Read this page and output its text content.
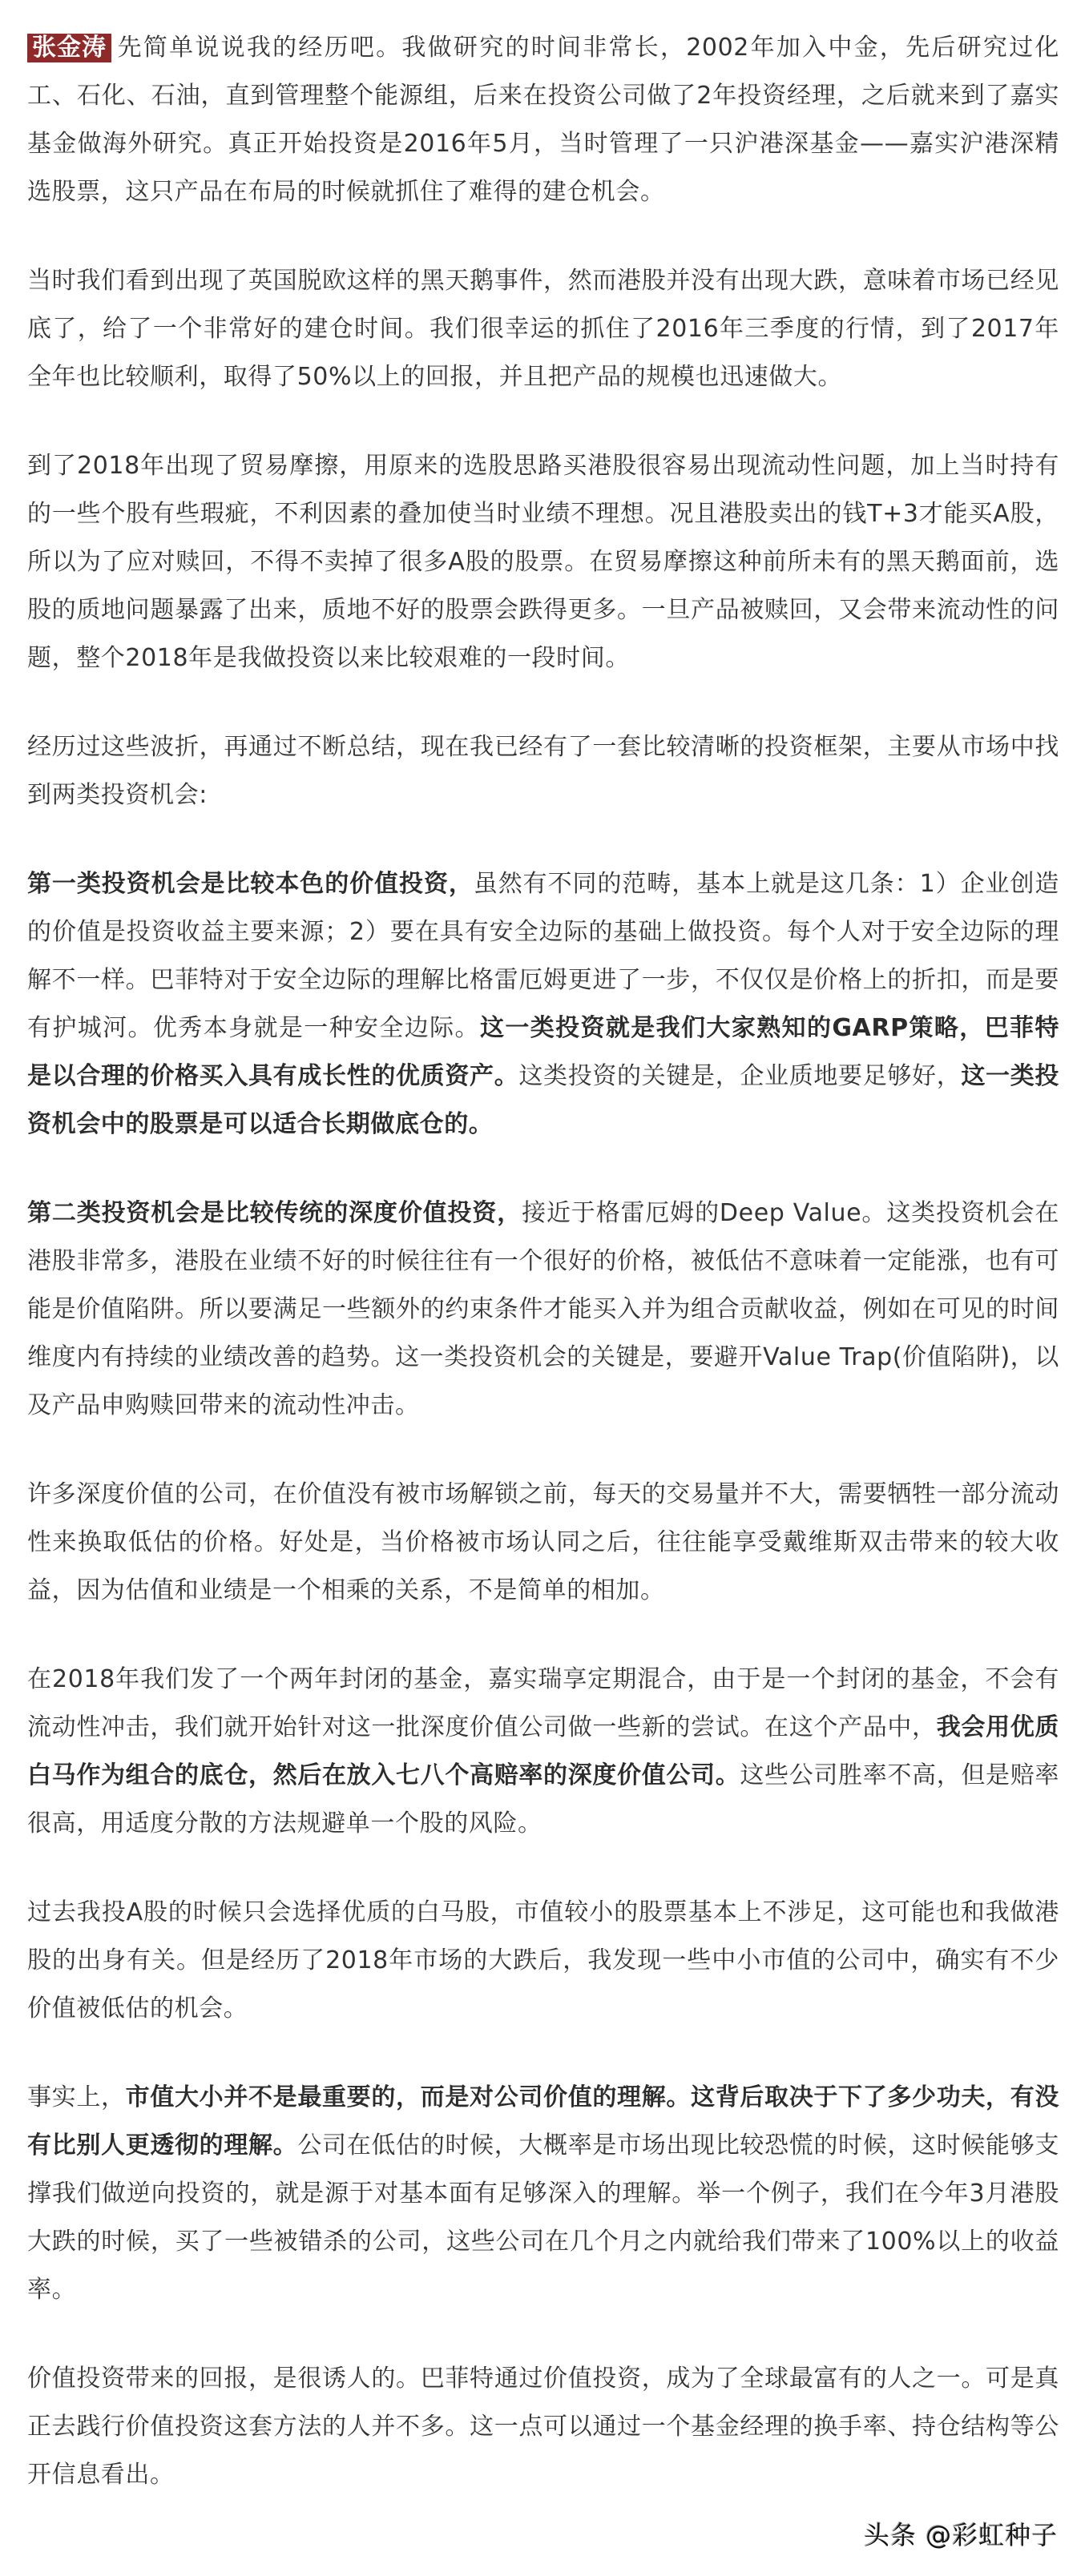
张金涛 先简单说说我的经历吧。我做研究的时间非常长，2002年加入中金，先后研究过化工、石化、石油，直到管理整个能源组，后来在投资公司做了2年投资经理，之后就来到了嘉实基金做海外研究。真正开始投资是2016年5月，当时管理了一只沪港深基金——嘉实沪港深精选股票，这只产品在布局的时候就抓住了难得的建仓机会。

当时我们看到出现了英国脱欧这样的黑天鹅事件，然而港股并没有出现大跌，意味着市场已经见底了，给了一个非常好的建仓时间。我们很幸运的抓住了2016年三季度的行情，到了2017年全年也比较顺利，取得了50%以上的回报，并且把产品的规模也迅速做大。

到了2018年出现了贸易摩擦，用原来的选股思路买港股很容易出现流动性问题，加上当时持有的一些个股有些瑕疵，不利因素的叠加使当时业绩不理想。况且港股卖出的钱T+3才能买A股，所以为了应对赎回，不得不卖掉了很多A股的股票。在贸易摩擦这种前所未有的黑天鹅面前，选股的质地问题暴露了出来，质地不好的股票会跌得更多。一旦产品被赎回，又会带来流动性的问题，整个2018年是我做投资以来比较艰难的一段时间。

经历过这些波折，再通过不断总结，现在我已经有了一套比较清晰的投资框架，主要从市场中找到两类投资机会:

第一类投资机会是比较本色的价值投资，虽然有不同的范畴，基本上就是这几条：1）企业创造的价值是投资收益主要来源；2）要在具有安全边际的基础上做投资。每个人对于安全边际的理解不一样。巴菲特对于安全边际的理解比格雷厄姆更进了一步，不仅仅是价格上的折扣，而是要有护城河。优秀本身就是一种安全边际。这一类投资就是我们大家熟知的GARP策略，巴菲特是以合理的价格买入具有成长性的优质资产。这类投资的关键是，企业质地要足够好，这一类投资机会中的股票是可以适合长期做底仓的。

第二类投资机会是比较传统的深度价值投资，接近于格雷厄姆的Deep Value。这类投资机会在港股非常多，港股在业绩不好的时候往往有一个很好的价格，被低估不意味着一定能涨，也有可能是价值陷阱。所以要满足一些额外的约束条件才能买入并为组合贡献收益，例如在可见的时间维度内有持续的业绩改善的趋势。这一类投资机会的关键是，要避开Value Trap(价值陷阱)，以及产品申购赎回带来的流动性冲击。

许多深度价值的公司，在价值没有被市场解锁之前，每天的交易量并不大，需要牺牲一部分流动性来换取低估的价格。好处是，当价格被市场认同之后，往往能享受戴维斯双击带来的较大收益，因为估值和业绩是一个相乘的关系，不是简单的相加。

在2018年我们发了一个两年封闭的基金，嘉实瑞享定期混合，由于是一个封闭的基金，不会有流动性冲击，我们就开始针对这一批深度价值公司做一些新的尝试。在这个产品中，我会用优质白马作为组合的底仓，然后在放入七八个高赔率的深度价值公司。这些公司胜率不高，但是赔率很高，用适度分散的方法规避单一个股的风险。

过去我投A股的时候只会选择优质的白马股，市值较小的股票基本上不涉足，这可能也和我做港股的出身有关。但是经历了2018年市场的大跌后，我发现一些中小市值的公司中，确实有不少价值被低估的机会。

事实上，市值大小并不是最重要的，而是对公司价值的理解。这背后取决于下了多少功夫，有没有比别人更透彻的理解。公司在低估的时候，大概率是市场出现比较恐慌的时候，这时候能够支撑我们做逆向投资的，就是源于对基本面有足够深入的理解。举一个例子，我们在今年3月港股大跌的时候，买了一些被错杀的公司，这些公司在几个月之内就给我们带来了100%以上的收益率。

价值投资带来的回报，是很诱人的。巴菲特通过价值投资，成为了全球最富有的人之一。可是真正去践行价值投资这套方法的人并不多。这一点可以通过一个基金经理的换手率、持仓结构等公开信息看出。

头条 @彩虹种子
